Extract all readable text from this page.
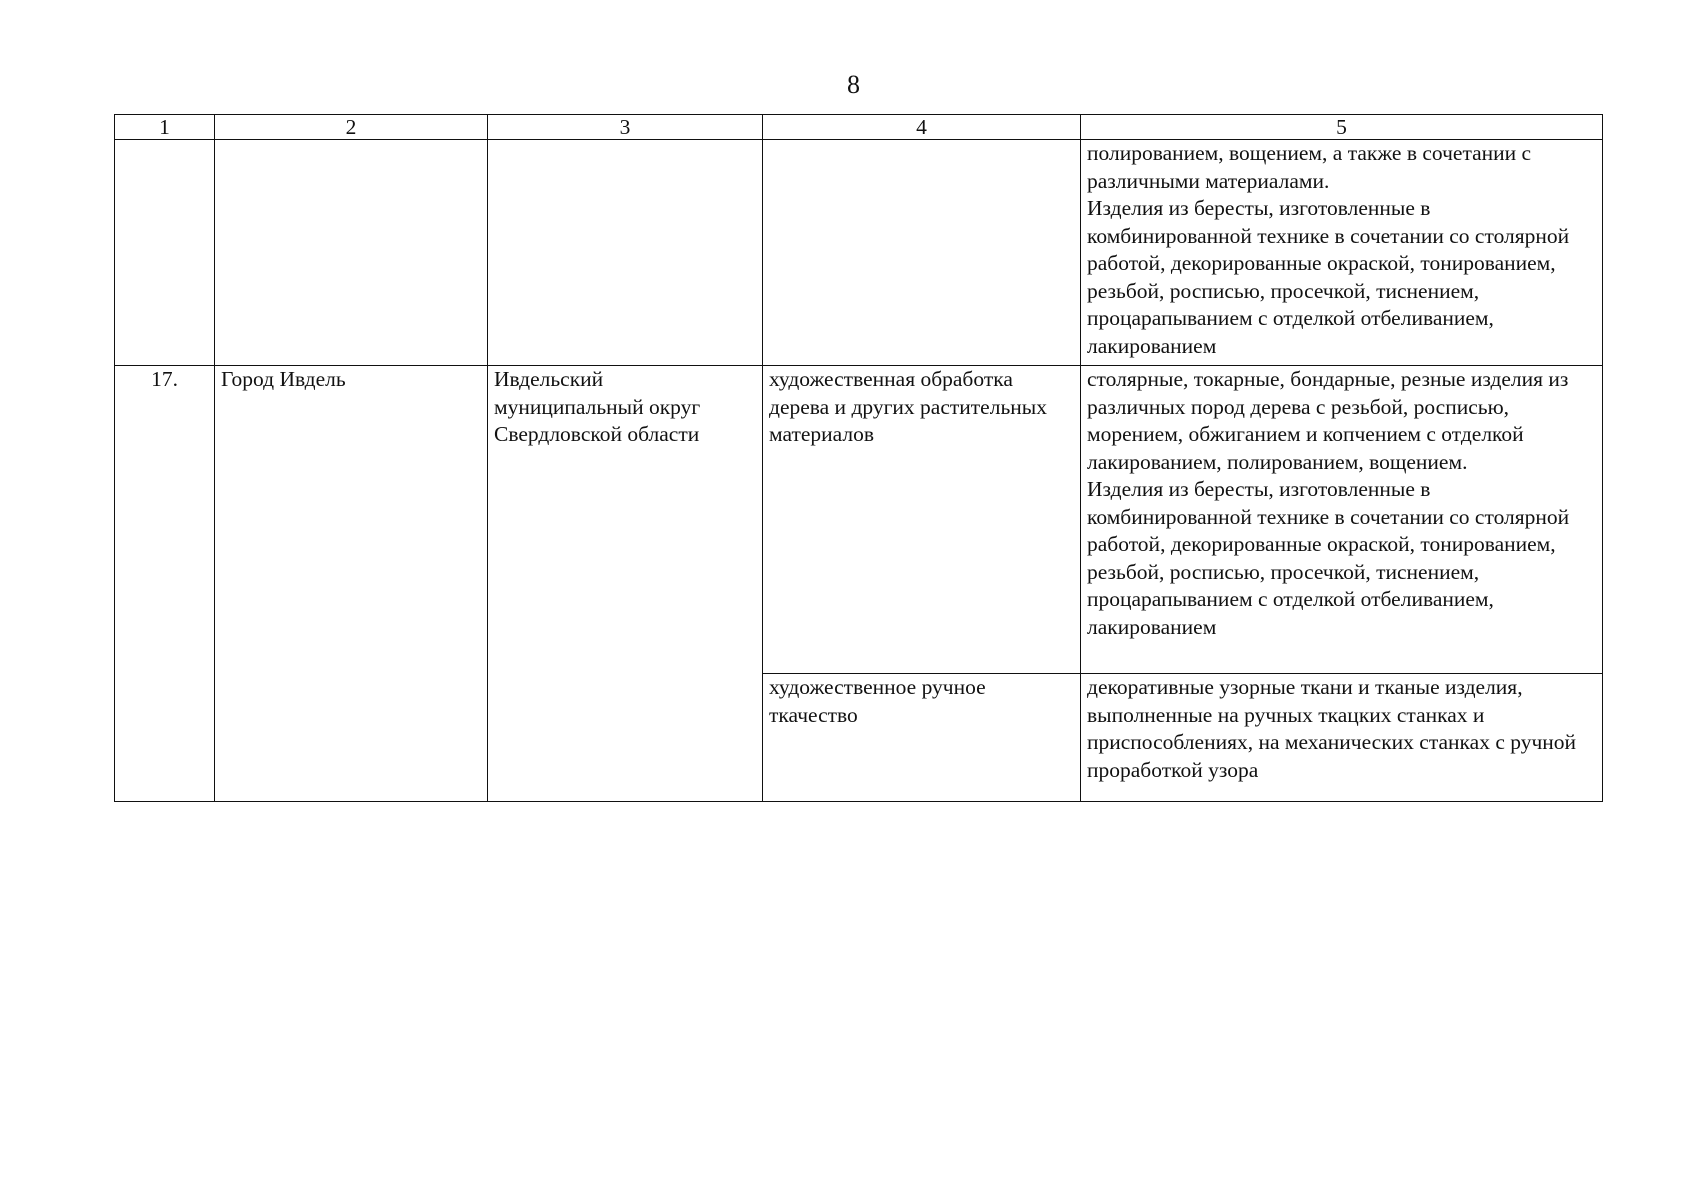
8
1	2	3	4	5

				полированием, вощением, а также в сочетании с различными материалами.
Изделия из бересты, изготовленные в комбинированной технике в сочетании со столярной работой, декорированные окраской, тонированием, резьбой, росписью, просечкой, тиснением, процарапыванием с отделкой отбеливанием, лакированием

17.	Город Ивдель	Ивдельский муниципальный округ Свердловской области	художественная обработка дерева и других растительных материалов	столярные, токарные, бондарные, резные изделия из различных пород дерева с резьбой, росписью, морением, обжиганием и копчением с отделкой лакированием, полированием, вощением.
Изделия из бересты, изготовленные в комбинированной технике в сочетании со столярной работой, декорированные окраской, тонированием, резьбой, росписью, просечкой, тиснением, процарапыванием с отделкой отбеливанием, лакированием

			художественное ручное ткачество	декоративные узорные ткани и тканые изделия, выполненные на ручных ткацких станках и приспособлениях, на механических станках с ручной проработкой узора
